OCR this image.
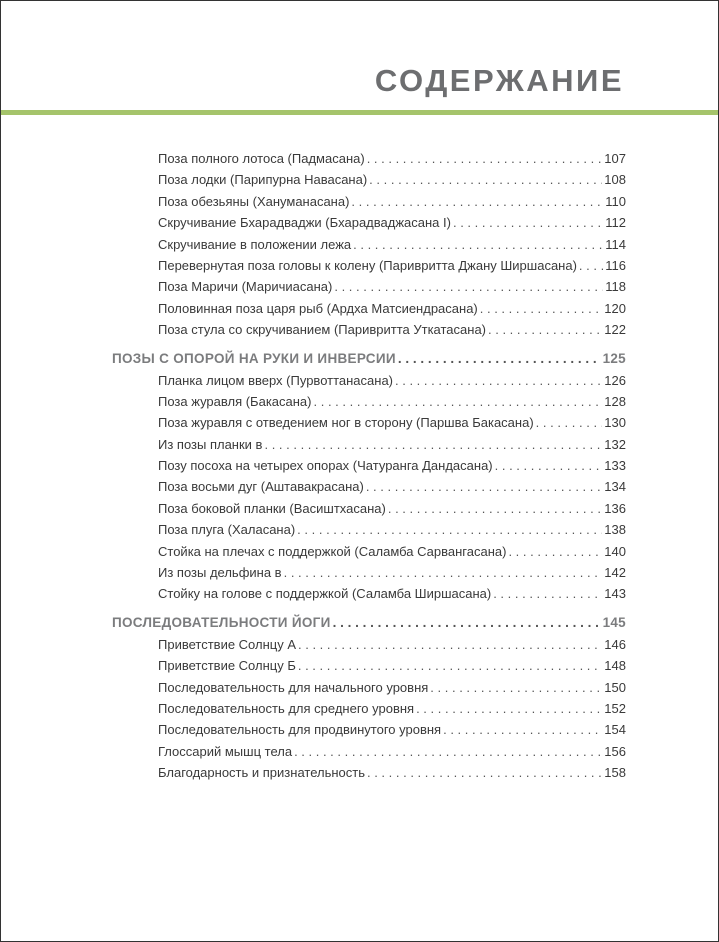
СОДЕРЖАНИЕ
Поза полного лотоса (Падмасана) . . .	107
Поза лодки (Парипурна Навасана) . . .	108
Поза обезьяны (Хануманасана) . . .	110
Скручивание Бхарадваджи (Бхарадваджасана I) . . .	112
Скручивание в положении лежа . . .	114
Перевернутая поза головы к колену (Паривритта Джану Ширшасана) . . . 116
Поза Маричи (Маричиасана) . . .	118
Половинная поза царя рыб (Ардха Матсиендрасана) . . .	120
Поза стула со скручиванием (Паривритта Уткатасана) . . .	122
ПОЗЫ С ОПОРОЙ НА РУКИ И ИНВЕРСИИ . . .	125
Планка лицом вверх (Пурвоттанасана) . . .	126
Поза журавля (Бакасана) . . .	128
Поза журавля с отведением ног в сторону (Паршва Бакасана) . . .	130
Из позы планки в . . .	132
Позу посоха на четырех опорах (Чатуранга Дандасана) . . .	133
Поза восьми дуг (Аштавакрасана) . . .	134
Поза боковой планки (Васиштхасана) . . .	136
Поза плуга (Халасана) . . .	138
Стойка на плечах с поддержкой (Саламба Сарвангасана) . . .	140
Из позы дельфина в . . .	142
Стойку на голове с поддержкой (Саламба Ширшасана) . . .	143
ПОСЛЕДОВАТЕЛЬНОСТИ ЙОГИ . . .	145
Приветствие Солнцу А . . .	146
Приветствие Солнцу Б . . .	148
Последовательность для начального уровня . . .	150
Последовательность для среднего уровня . . .	152
Последовательность для продвинутого уровня . . .	154
Глоссарий мышц тела . . .	156
Благодарность и признательность . . .	158
